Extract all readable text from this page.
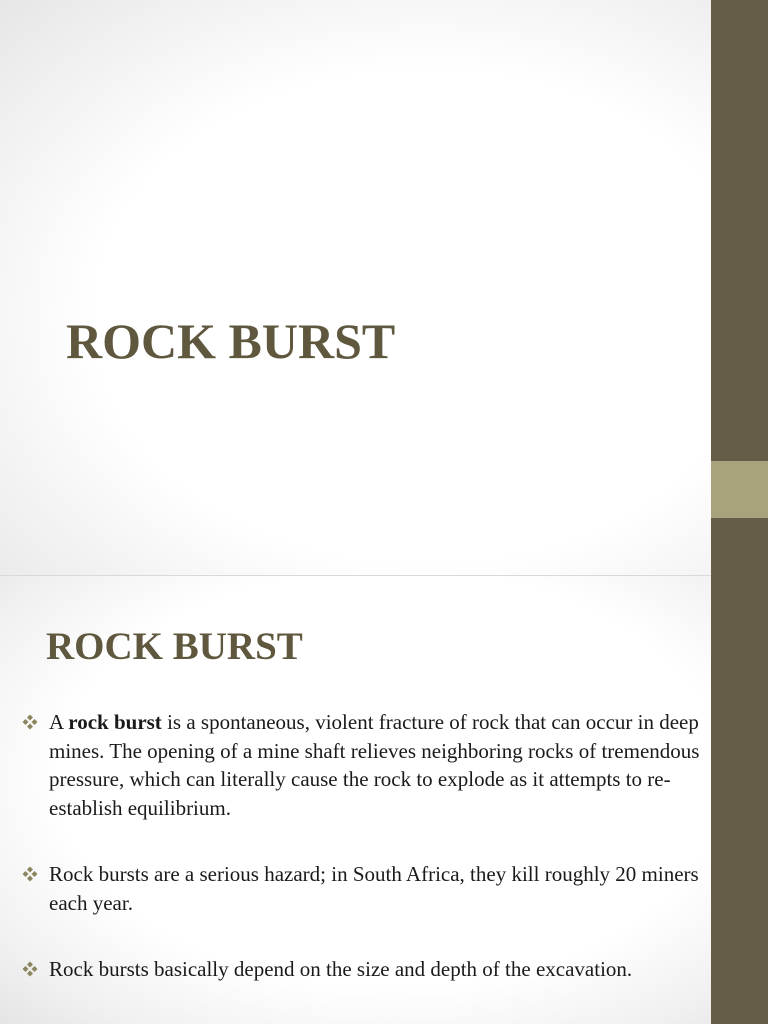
ROCK BURST
ROCK BURST
A rock burst is a spontaneous, violent fracture of rock that can occur in deep mines. The opening of a mine shaft relieves neighboring rocks of tremendous pressure, which can literally cause the rock to explode as it attempts to re-establish equilibrium.
Rock bursts are a serious hazard; in South Africa, they kill roughly 20 miners each year.
Rock bursts basically depend on the size and depth of the excavation.
